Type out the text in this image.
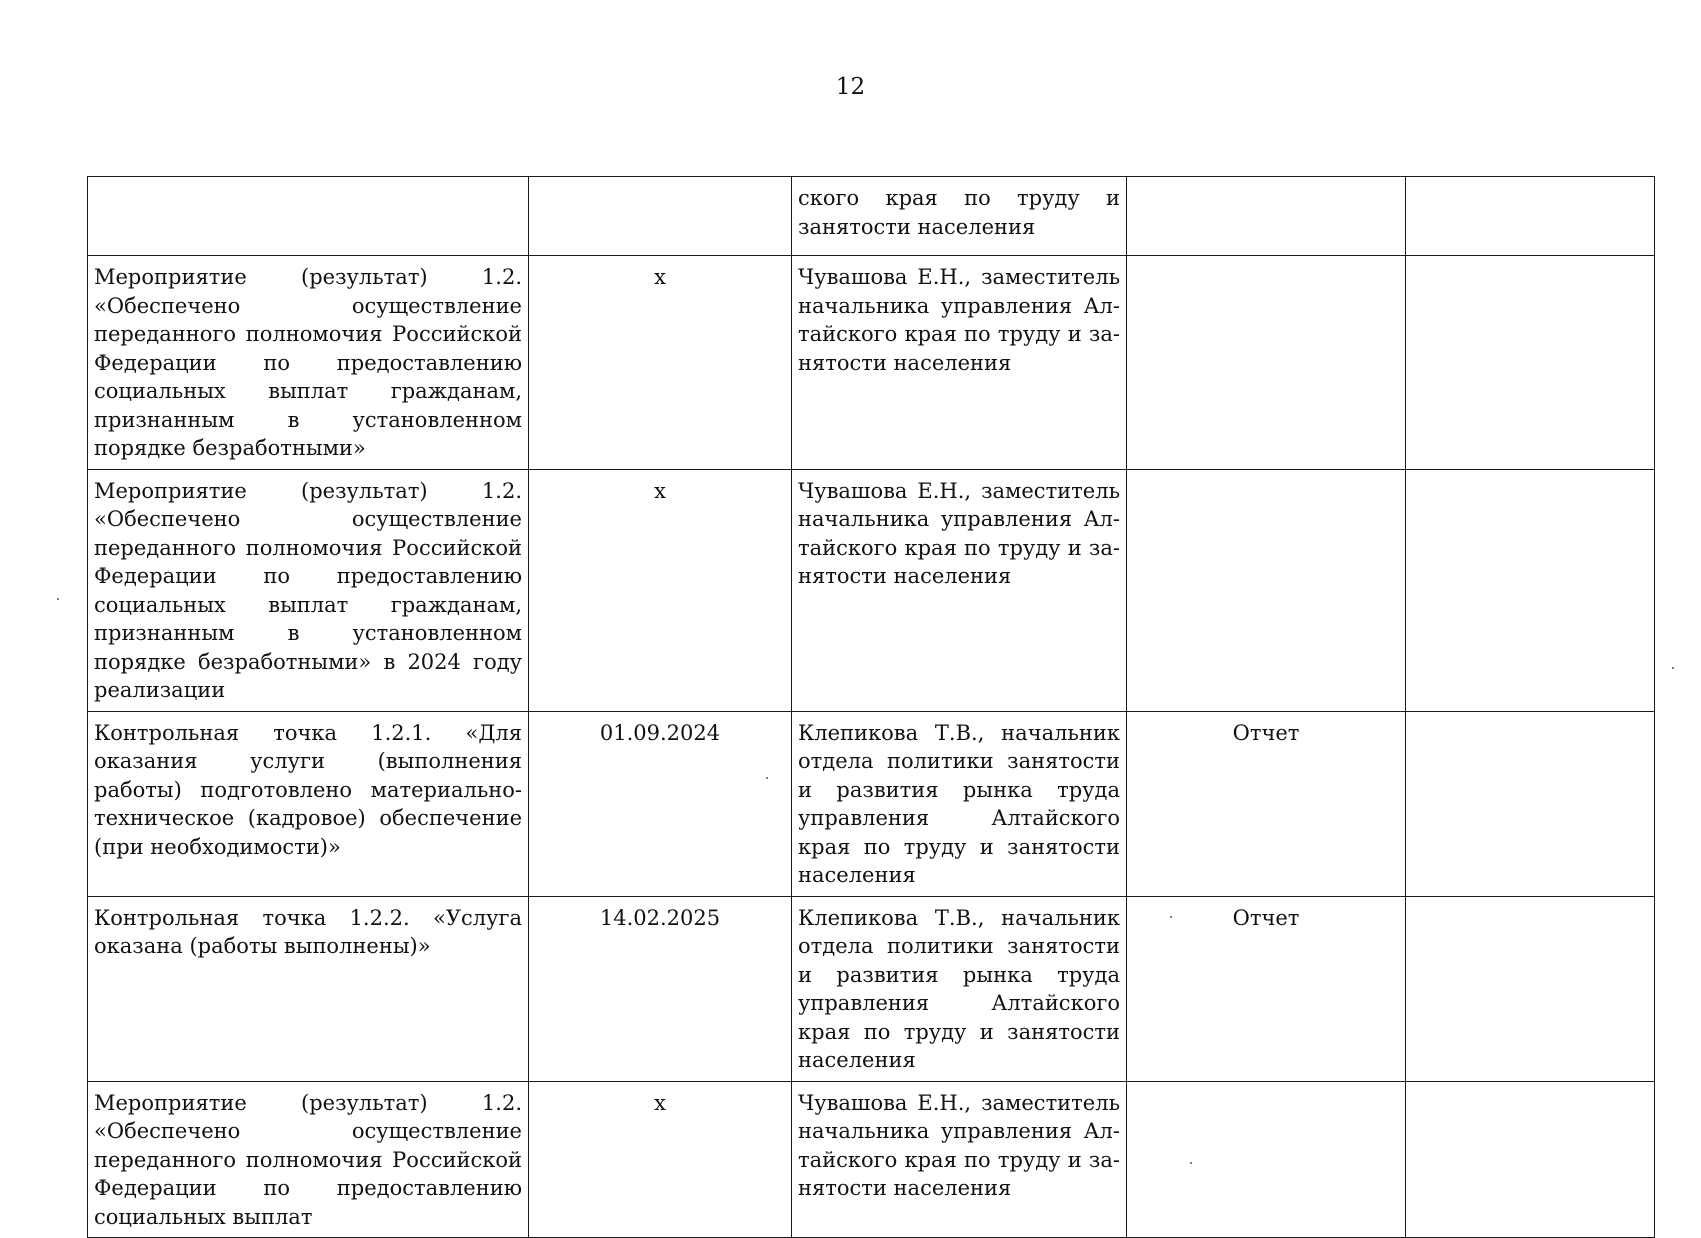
12
		ского края по труду и занятости населения		
Мероприятие (результат) 1.2. «Обеспечено осуществление переданного полномочия Российской Федерации по предоставлению социальных выплат гражданам, признанным в установленном порядке безработными»	х	Чувашова Е.Н., заместитель начальника управления Алтайского края по труду и занятости населения		
Мероприятие (результат) 1.2. «Обеспечено осуществление переданного полномочия Российской Федерации по предоставлению социальных выплат гражданам, признанным в установленном порядке безработными» в 2024 году реализации	х	Чувашова Е.Н., заместитель начальника управления Алтайского края по труду и занятости населения		
Контрольная точка 1.2.1. «Для оказания услуги (выполнения работы) подготовлено материально-техническое (кадровое) обеспечение (при необходимости)»	01.09.2024	Клепикова Т.В., начальник отдела политики занятости и развития рынка труда управления Алтайского края по труду и занятости населения	Отчет	
Контрольная точка 1.2.2. «Услуга оказана (работы выполнены)»	14.02.2025	Клепикова Т.В., начальник отдела политики занятости и развития рынка труда управления Алтайского края по труду и занятости населения	Отчет	
Мероприятие (результат) 1.2. «Обеспечено осуществление переданного полномочия Российской Федерации по предоставлению социальных выплат	х	Чувашова Е.Н., заместитель начальника управления Алтайского края по труду и занятости населения		
